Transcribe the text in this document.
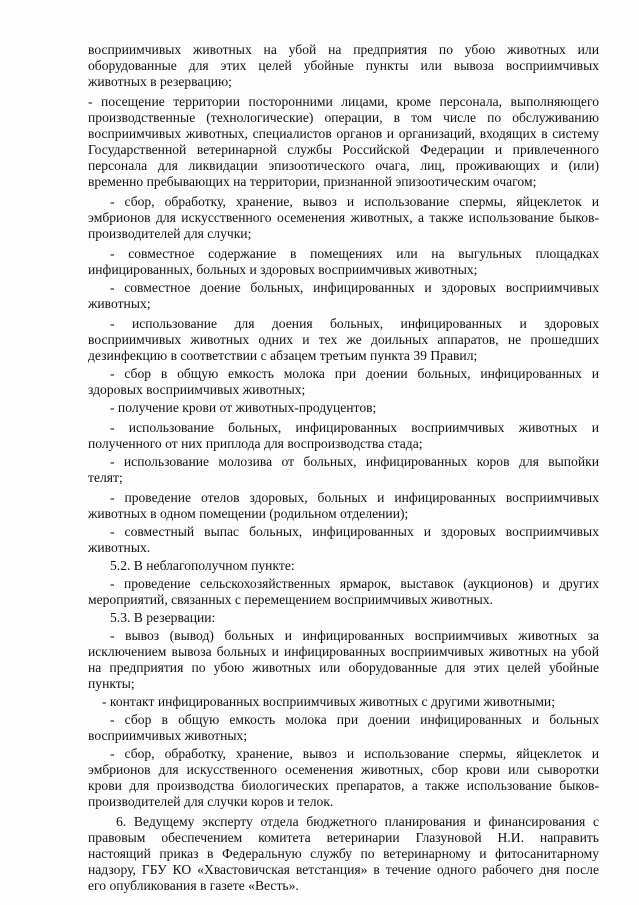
восприимчивых животных на убой на предприятия по убою животных или

оборудованные для этих целей убойные пункты или вывоза восприимчивых

животных в резервацию;

- посещение территории посторонними лицами, кроме персонала, выполняющего

производственные (технологические) операции, в том числе по обслуживанию

восприимчивых животных, специалистов органов и организаций, входящих в систему

Государственной ветеринарной службы Российской Федерации и привлеченного

персонала для ликвидации эпизоотического очага, лиц, проживающих и (или)

временно пребывающих на территории, признанной эпизоотическим очагом;

- сбор, обработку, хранение, вывоз и использование спермы, яйцеклеток и

эмбрионов для искусственного осеменения животных, а также использование быков-

производителей для случки;

- совместное содержание в помещениях или на выгульных площадках

инфицированных, больных и здоровых восприимчивых животных;

- совместное доение больных, инфицированных и здоровых восприимчивых

животных;

- использование для доения больных, инфицированных и здоровых

восприимчивых животных одних и тех же доильных аппаратов, не прошедших

дезинфекцию в соответствии с абзацем третьим пункта 39 Правил;

- сбор в общую емкость молока при доении больных, инфицированных и

здоровых восприимчивых животных;

- получение крови от животных-продуцентов;

- использование больных, инфицированных восприимчивых животных и

полученного от них приплода для воспроизводства стада;

- использование молозива от больных, инфицированных коров для выпойки

телят;

- проведение отелов здоровых, больных и инфицированных восприимчивых

животных в одном помещении (родильном отделении);

- совместный выпас больных, инфицированных и здоровых восприимчивых

животных.

5.2. В неблагополучном пункте:

- проведение сельскохозяйственных ярмарок, выставок (аукционов) и других

мероприятий, связанных с перемещением восприимчивых животных.

5.3. В резервации:

- вывоз (вывод) больных и инфицированных восприимчивых животных за

исключением вывоза больных и инфицированных восприимчивых животных на убой

на предприятия по убою животных или оборудованные для этих целей убойные

пункты;

- контакт инфицированных восприимчивых животных с другими животными;

- сбор в общую емкость молока при доении инфицированных и больных

восприимчивых животных;

- сбор, обработку, хранение, вывоз и использование спермы, яйцеклеток и

эмбрионов для искусственного осеменения животных, сбор крови или сыворотки

крови для производства биологических препаратов, а также использование быков-

производителей для случки коров и телок.

6. Ведущему эксперту отдела бюджетного планирования и финансирования с

правовым обеспечением комитета ветеринарии Глазуновой Н.И. направить

настоящий приказ в Федеральную службу по ветеринарному и фитосанитарному

надзору, ГБУ КО «Хвастовичская ветстанция» в течение одного рабочего дня после

его опубликования в газете «Весть».
